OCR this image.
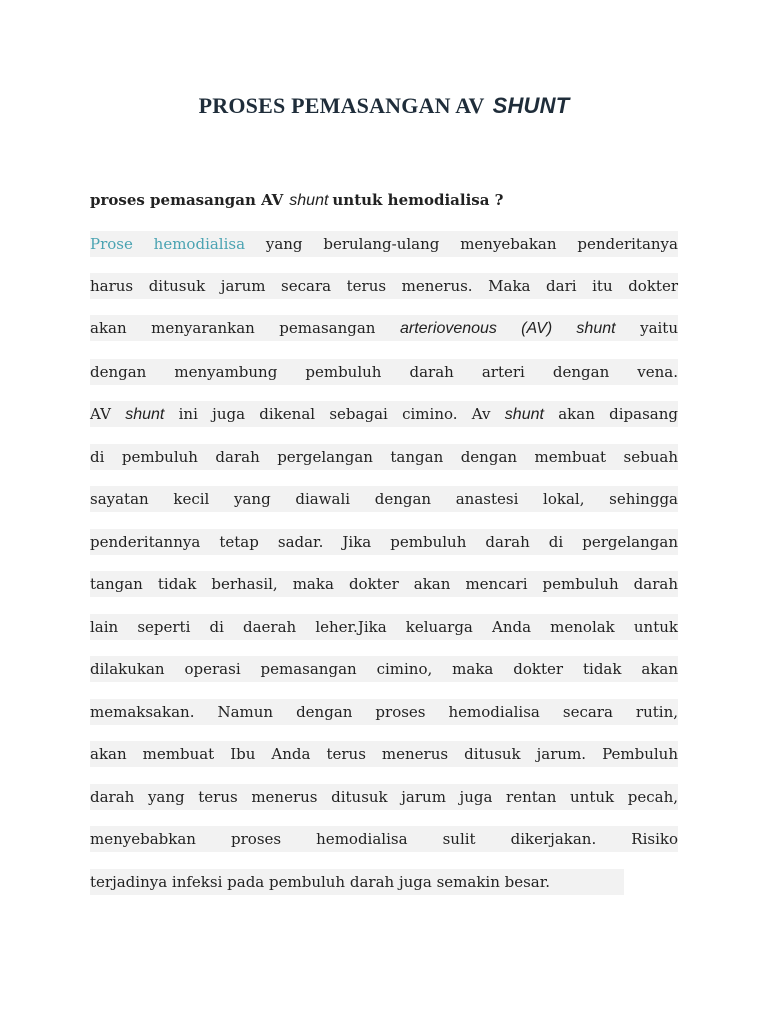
PROSES PEMASANGAN AV SHUNT
proses pemasangan AV shunt untuk hemodialisa ?
Prose hemodialisa yang berulang-ulang menyebakan penderitanya
harus ditusuk jarum secara terus menerus. Maka dari itu dokter
akan menyarankan pemasangan arteriovenous (AV) shunt yaitu
dengan menyambung pembuluh darah arteri dengan vena.
AV shunt ini juga dikenal sebagai cimino. Av shunt akan dipasang
di pembuluh darah pergelangan tangan dengan membuat sebuah
sayatan kecil yang diawali dengan anastesi lokal, sehingga
penderitannya tetap sadar. Jika pembuluh darah di pergelangan
tangan tidak berhasil, maka dokter akan mencari pembuluh darah
lain seperti di daerah leher.Jika keluarga Anda menolak untuk
dilakukan operasi pemasangan cimino, maka dokter tidak akan
memaksakan. Namun dengan proses hemodialisa secara rutin,
akan membuat Ibu Anda terus menerus ditusuk jarum. Pembuluh
darah yang terus menerus ditusuk jarum juga rentan untuk pecah,
menyebabkan proses hemodialisa sulit dikerjakan. Risiko
terjadinya infeksi pada pembuluh darah juga semakin besar.
